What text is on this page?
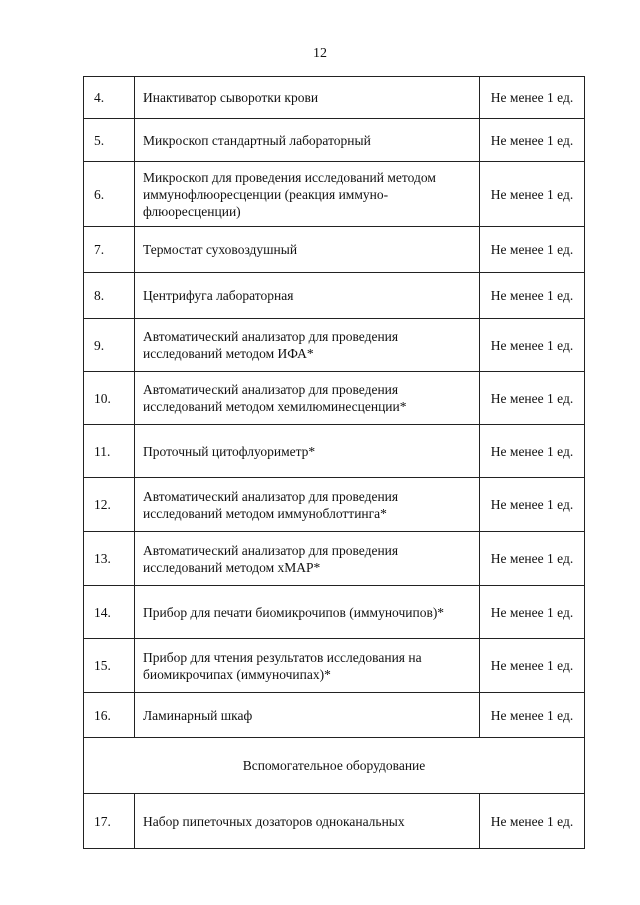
12
4.	Инактиватор сыворотки крови	Не менее 1 ед.
5.	Микроскоп стандартный лабораторный	Не менее 1 ед.
6.	Микроскоп для проведения исследований методом иммунофлюоресценции (реакция иммуно-флюоресценции)	Не менее 1 ед.
7.	Термостат суховоздушный	Не менее 1 ед.
8.	Центрифуга лабораторная	Не менее 1 ед.
9.	Автоматический анализатор для проведения исследований методом ИФА*	Не менее 1 ед.
10.	Автоматический анализатор для проведения исследований методом хемилюминесценции*	Не менее 1 ед.
11.	Проточный цитофлуориметр*	Не менее 1 ед.
12.	Автоматический анализатор для проведения исследований методом иммуноблоттинга*	Не менее 1 ед.
13.	Автоматический анализатор для проведения исследований методом хМАР*	Не менее 1 ед.
14.	Прибор для печати биомикрочипов (иммуночипов)*	Не менее 1 ед.
15.	Прибор для чтения результатов исследования на биомикрочипах (иммуночипах)*	Не менее 1 ед.
16.	Ламинарный шкаф	Не менее 1 ед.
Вспомогательное оборудование		
17.	Набор пипеточных дозаторов одноканальных	Не менее 1 ед.
